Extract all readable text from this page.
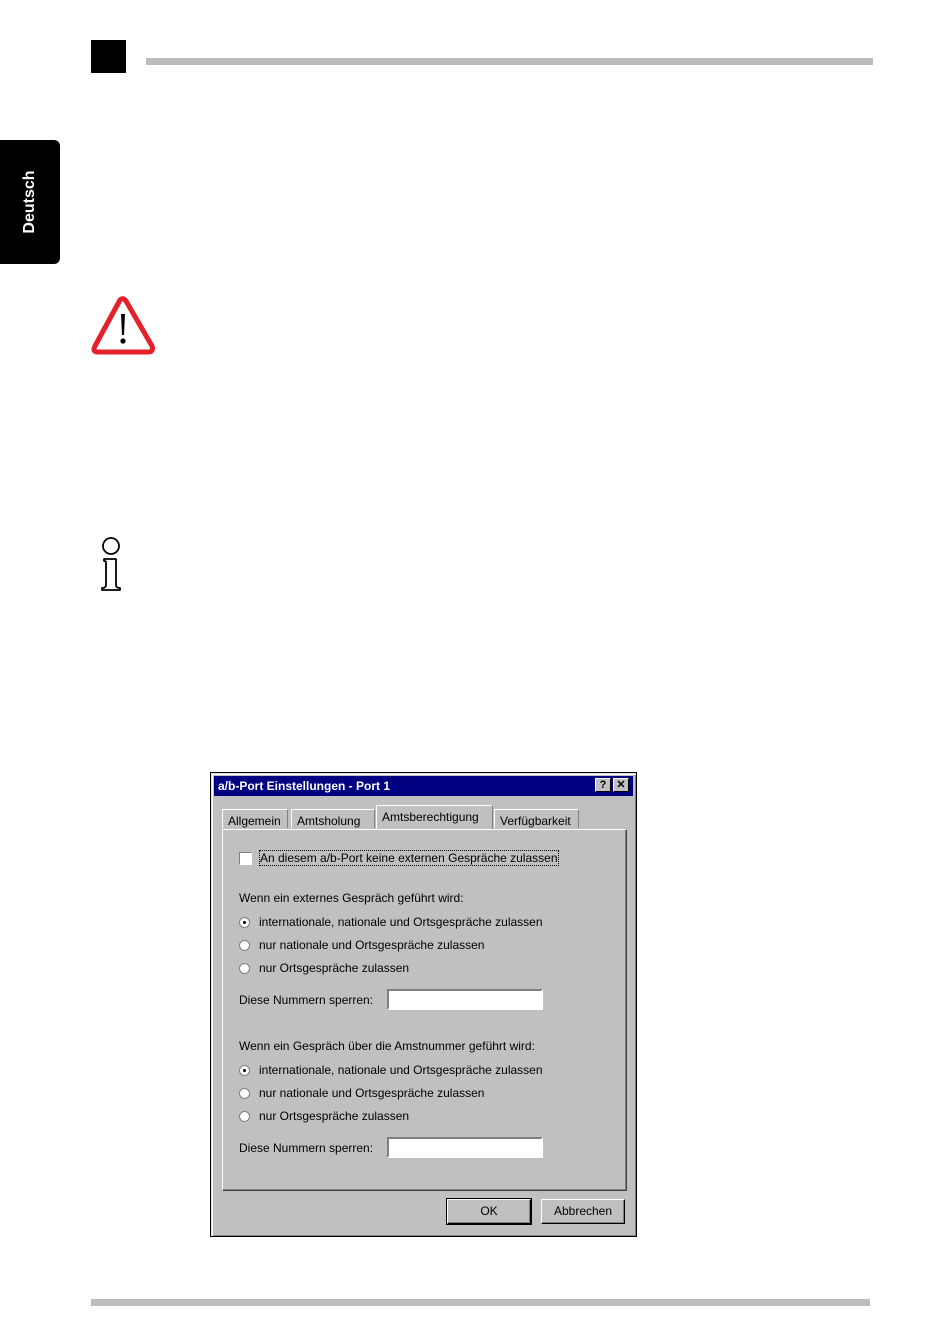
Deutsch
a/b-Port Einstellungen - Port 1	? ✕
Allgemein	Amtsholung	Amtsberechtigung	Verfügbarkeit
An diesem a/b-Port keine externen Gespräche zulassen
Wenn ein externes Gespräch geführt wird:
internationale, nationale und Ortsgespräche zulassen
nur nationale und Ortsgespräche zulassen
nur Ortsgespräche zulassen
Diese Nummern sperren:
Wenn ein Gespräch über die Amstnummer geführt wird:
internationale, nationale und Ortsgespräche zulassen
nur nationale und Ortsgespräche zulassen
nur Ortsgespräche zulassen
Diese Nummern sperren:
OK	Abbrechen
